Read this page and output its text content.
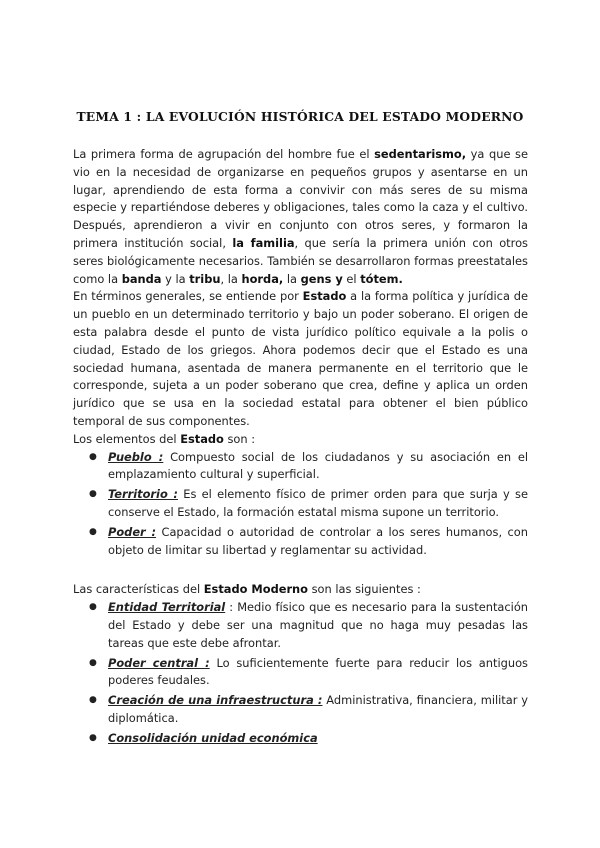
TEMA 1 : LA EVOLUCIÓN HISTÓRICA DEL ESTADO MODERNO

La primera forma de agrupación del hombre fue el sedentarismo, ya que se vio en la necesidad de organizarse en pequeños grupos y asentarse en un lugar, aprendiendo de esta forma a convivir con más seres de su misma especie y repartiéndose deberes y obligaciones, tales como la caza y el cultivo. Después, aprendieron a vivir en conjunto con otros seres, y formaron la primera institución social, la familia, que sería la primera unión con otros seres biológicamente necesarios. También se desarrollaron formas preestatales como la banda y la tribu, la horda, la gens y el tótem.

En términos generales, se entiende por Estado a la forma política y jurídica de un pueblo en un determinado territorio y bajo un poder soberano. El origen de esta palabra desde el punto de vista jurídico político equivale a la polis o ciudad, Estado de los griegos. Ahora podemos decir que el Estado es una sociedad humana, asentada de manera permanente en el territorio que le corresponde, sujeta a un poder soberano que crea, define y aplica un orden jurídico que se usa en la sociedad estatal para obtener el bien público temporal de sus componentes.

Los elementos del Estado son :

● Pueblo : Compuesto social de los ciudadanos y su asociación en el emplazamiento cultural y superficial.
● Territorio : Es el elemento físico de primer orden para que surja y se conserve el Estado, la formación estatal misma supone un territorio.
● Poder : Capacidad o autoridad de controlar a los seres humanos, con objeto de limitar su libertad y reglamentar su actividad.

Las características del Estado Moderno son las siguientes :

● Entidad Territorial : Medio físico que es necesario para la sustentación del Estado y debe ser una magnitud que no haga muy pesadas las tareas que este debe afrontar.
● Poder central : Lo suficientemente fuerte para reducir los antiguos poderes feudales.
● Creación de una infraestructura : Administrativa, financiera, militar y diplomática.
● Consolidación unidad económica
